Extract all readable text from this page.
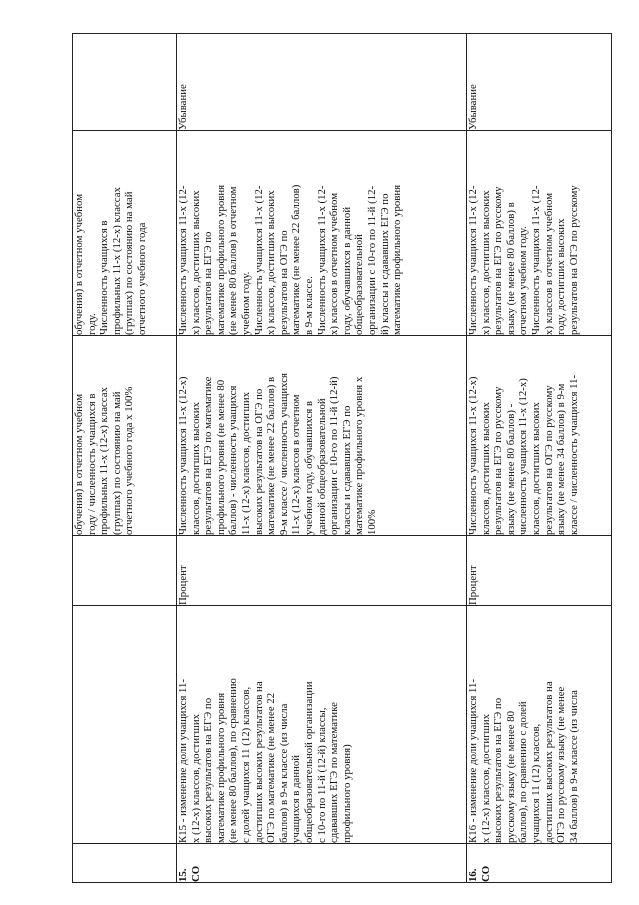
обучения) в отчетном учебном
году / численность учащихся в
профильных 11-х (12-х) классах
(группах) по состоянию на май
отчетного учебного года x 100%
обучения) в отчетном учебном
году.
Численность учащихся в
профильных 11-х (12-х) классах
(группах) по состоянию на май
отчетного учебного года
15.
СО
К15 - изменение доли учащихся 11-
х (12-х) классов, достигших
высоких результатов на ЕГЭ по
математике профильного уровня
(не менее 80 баллов), по сравнению
с долей учащихся 11 (12) классов,
достигших высоких результатов на
ОГЭ по математике (не менее 22
баллов) в 9-м классе (из числа
учащихся в данной
общеобразовательной организации
с 10-го по 11-й (12-й) классы,
сдававших ЕГЭ по математике
профильного уровня)
Процент
Численность учащихся 11-х (12-х)
классов, достигших высоких
результатов на ЕГЭ по математике
профильного уровня (не менее 80
баллов) - численность учащихся
11-х (12-х) классов, достигших
высоких результатов на ОГЭ по
математике (не менее 22 баллов) в
9-м классе / численность учащихся
11-х (12-х) классов в отчетном
учебном году, обучавшихся в
данной общеобразовательной
организации с 10-го по 11-й (12-й)
классы и сдававших ЕГЭ по
математике профильного уровня x
100%
Численность учащихся 11-х (12-
х) классов, достигших высоких
результатов на ЕГЭ по
математике профильного уровня
(не менее 80 баллов) в отчетном
учебном году.
Численность учащихся 11-х (12-
х) классов, достигших высоких
результатов на ОГЭ по
математике (не менее 22 баллов)
в 9-м классе.
Численность учащихся 11-х (12-
х) классов в отчетном учебном
году, обучавшихся в данной
общеобразовательной
организации с 10-го по 11-й (12-
й) классы и сдававших ЕГЭ по
математике профильного уровня
Убывание
16.
СО
К16 - изменение доли учащихся 11-
х (12-х) классов, достигших
высоких результатов на ЕГЭ по
русскому языку (не менее 80
баллов), по сравнению с долей
учащихся 11 (12) классов,
достигших высоких результатов на
ОГЭ по русскому языку (не менее
34 баллов) в 9-м классе (из числа
Процент
Численность учащихся 11-х (12-х)
классов, достигших высоких
результатов на ЕГЭ по русскому
языку (не менее 80 баллов) -
численность учащихся 11-х (12-х)
классов, достигших высоких
результатов на ОГЭ по русскому
языку (не менее 34 баллов) в 9-м
классе / численность учащихся 11-
Численность учащихся 11-х (12-
х) классов, достигших высоких
результатов на ЕГЭ по русскому
языку (не менее 80 баллов) в
отчетном учебном году.
Численность учащихся 11-х (12-
х) классов в отчетном учебном
году, достигших высоких
результатов на ОГЭ по русскому
Убывание
